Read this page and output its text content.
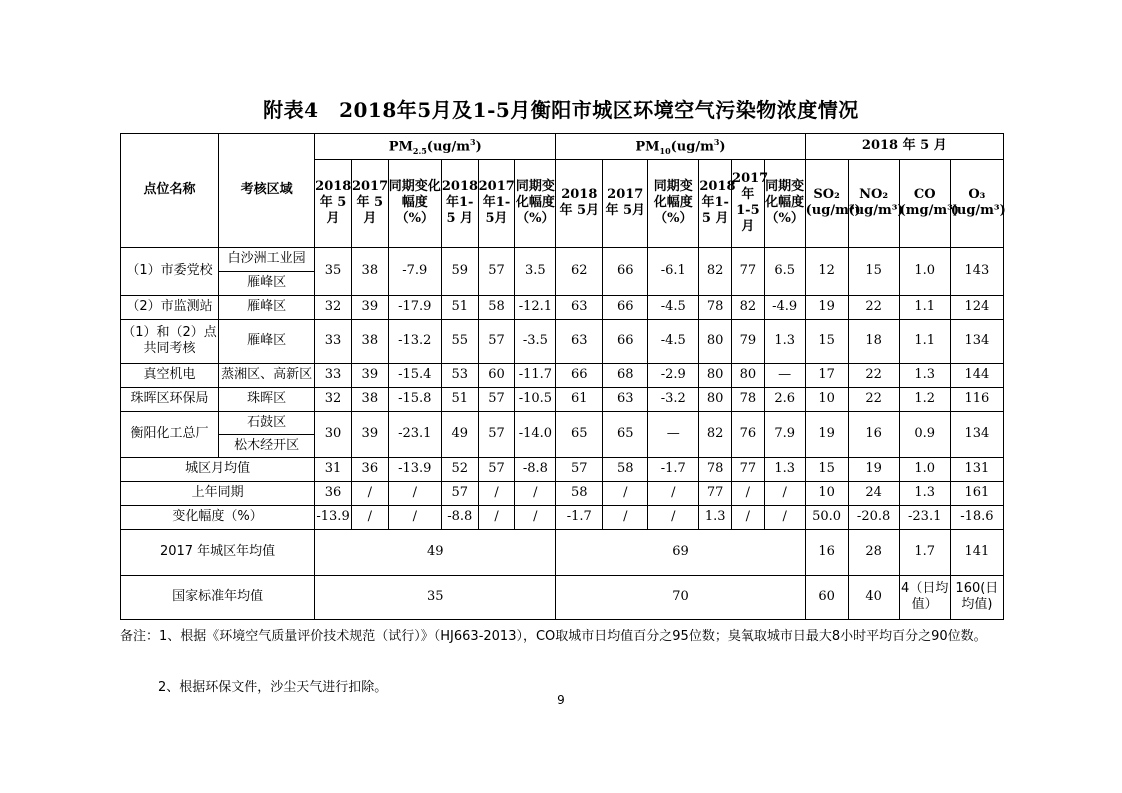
附表4　2018年5月及1-5月衡阳市城区环境空气污染物浓度情况
点位名称	考核区域	$PM_{2.5}(ug/m^3)$						$PM_{10}(ug/m^3)$						2018 年 5 月			
		2018 年 5月	2017 年 5 月	同期变化幅度（%）	2018 年1-5 月	2017年1-5月	同期变化幅度（%）	2018 年 5月	2017 年 5月	同期变化幅度（%）	2018 年1-5 月	2017 年 1-5月	同期变化幅度（%）	SO₂ (ug/m³)	NO₂ (ug/m³)	CO (mg/m³)	O₃ (ug/m³)
（1）市委党校	白沙洲工业园	35	38	-7.9	59	57	3.5	62	66	-6.1	82	77	6.5	12	15	1.0	143
	雁峰区																
（2）市监测站	雁峰区	32	39	-17.9	51	58	-12.1	63	66	-4.5	78	82	-4.9	19	22	1.1	124
（1）和（2）点共同考核	雁峰区	33	38	-13.2	55	57	-3.5	63	66	-4.5	80	79	1.3	15	18	1.1	134
真空机电	蒸湘区、高新区	33	39	-15.4	53	60	-11.7	66	68	-2.9	80	80	—	17	22	1.3	144
珠晖区环保局	珠晖区	32	38	-15.8	51	57	-10.5	61	63	-3.2	80	78	2.6	10	22	1.2	116
衡阳化工总厂	石鼓区	30	39	-23.1	49	57	-14.0	65	65	—	82	76	7.9	19	16	0.9	134
	松木经开区																
城区月均值		31	36	-13.9	52	57	-8.8	57	58	-1.7	78	77	1.3	15	19	1.0	131
上年同期		36	/	/	57	/	/	58	/	/	77	/	/	10	24	1.3	161
变化幅度（%）		-13.9	/	/	-8.8	/	/	-1.7	/	/	1.3	/	/	50.0	-20.8	-23.1	-18.6
2017 年城区年均值		49						69						16	28	1.7	141
国家标准年均值		35						70						60	40	4（日均值）	160(日均值)
备注：1、根据《环境空气质量评价技术规范（试行）》（HJ663-2013），CO取城市日均值百分之95位数；臭氧取城市日最大8小时平均百分之90位数。
2、根据环保文件，沙尘天气进行扣除。
9
